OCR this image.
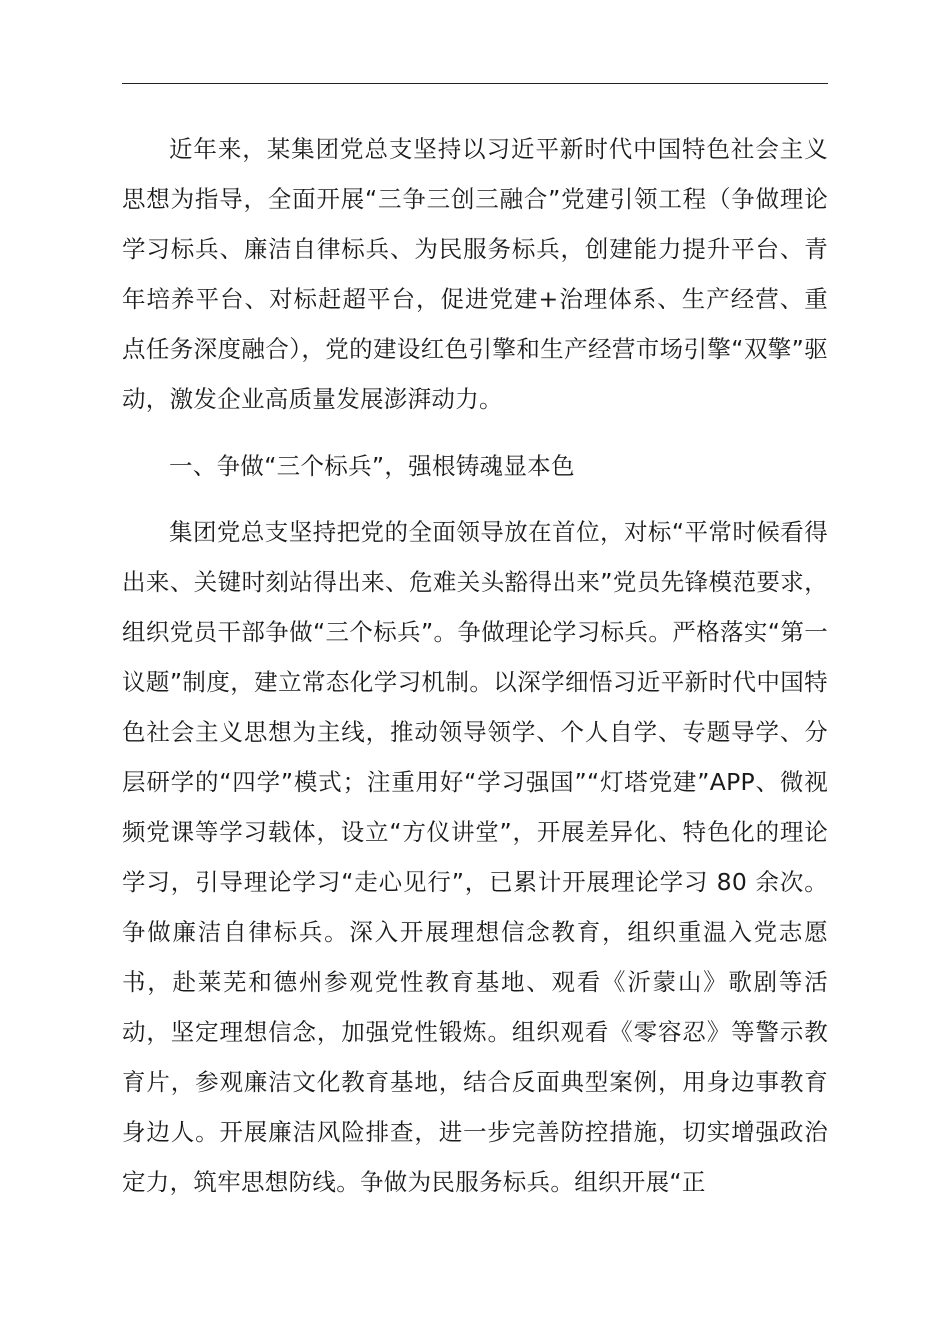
近年来，某集团党总支坚持以习近平新时代中国特色社会主义思想为指导，全面开展“三争三创三融合”党建引领工程（争做理论学习标兵、廉洁自律标兵、为民服务标兵，创建能力提升平台、青年培养平台、对标赶超平台，促进党建+治理体系、生产经营、重点任务深度融合），党的建设红色引擎和生产经营市场引擎“双擎”驱动，激发企业高质量发展澎湃动力。

一、争做“三个标兵”，强根铸魂显本色

集团党总支坚持把党的全面领导放在首位，对标“平常时候看得出来、关键时刻站得出来、危难关头豁得出来”党员先锋模范要求，组织党员干部争做“三个标兵”。争做理论学习标兵。严格落实“第一议题”制度，建立常态化学习机制。以深学细悟习近平新时代中国特色社会主义思想为主线，推动领导领学、个人自学、专题导学、分层研学的“四学”模式；注重用好“学习强国”“灯塔党建”APP、微视频党课等学习载体，设立“方仪讲堂”，开展差异化、特色化的理论学习，引导理论学习“走心见行”，已累计开展理论学习 80 余次。争做廉洁自律标兵。深入开展理想信念教育，组织重温入党志愿书，赴莱芜和德州参观党性教育基地、观看《沂蒙山》歌剧等活动，坚定理想信念，加强党性锻炼。组织观看《零容忍》等警示教育片，参观廉洁文化教育基地，结合反面典型案例，用身边事教育身边人。开展廉洁风险排查，进一步完善防控措施，切实增强政治定力，筑牢思想防线。争做为民服务标兵。组织开展“正
